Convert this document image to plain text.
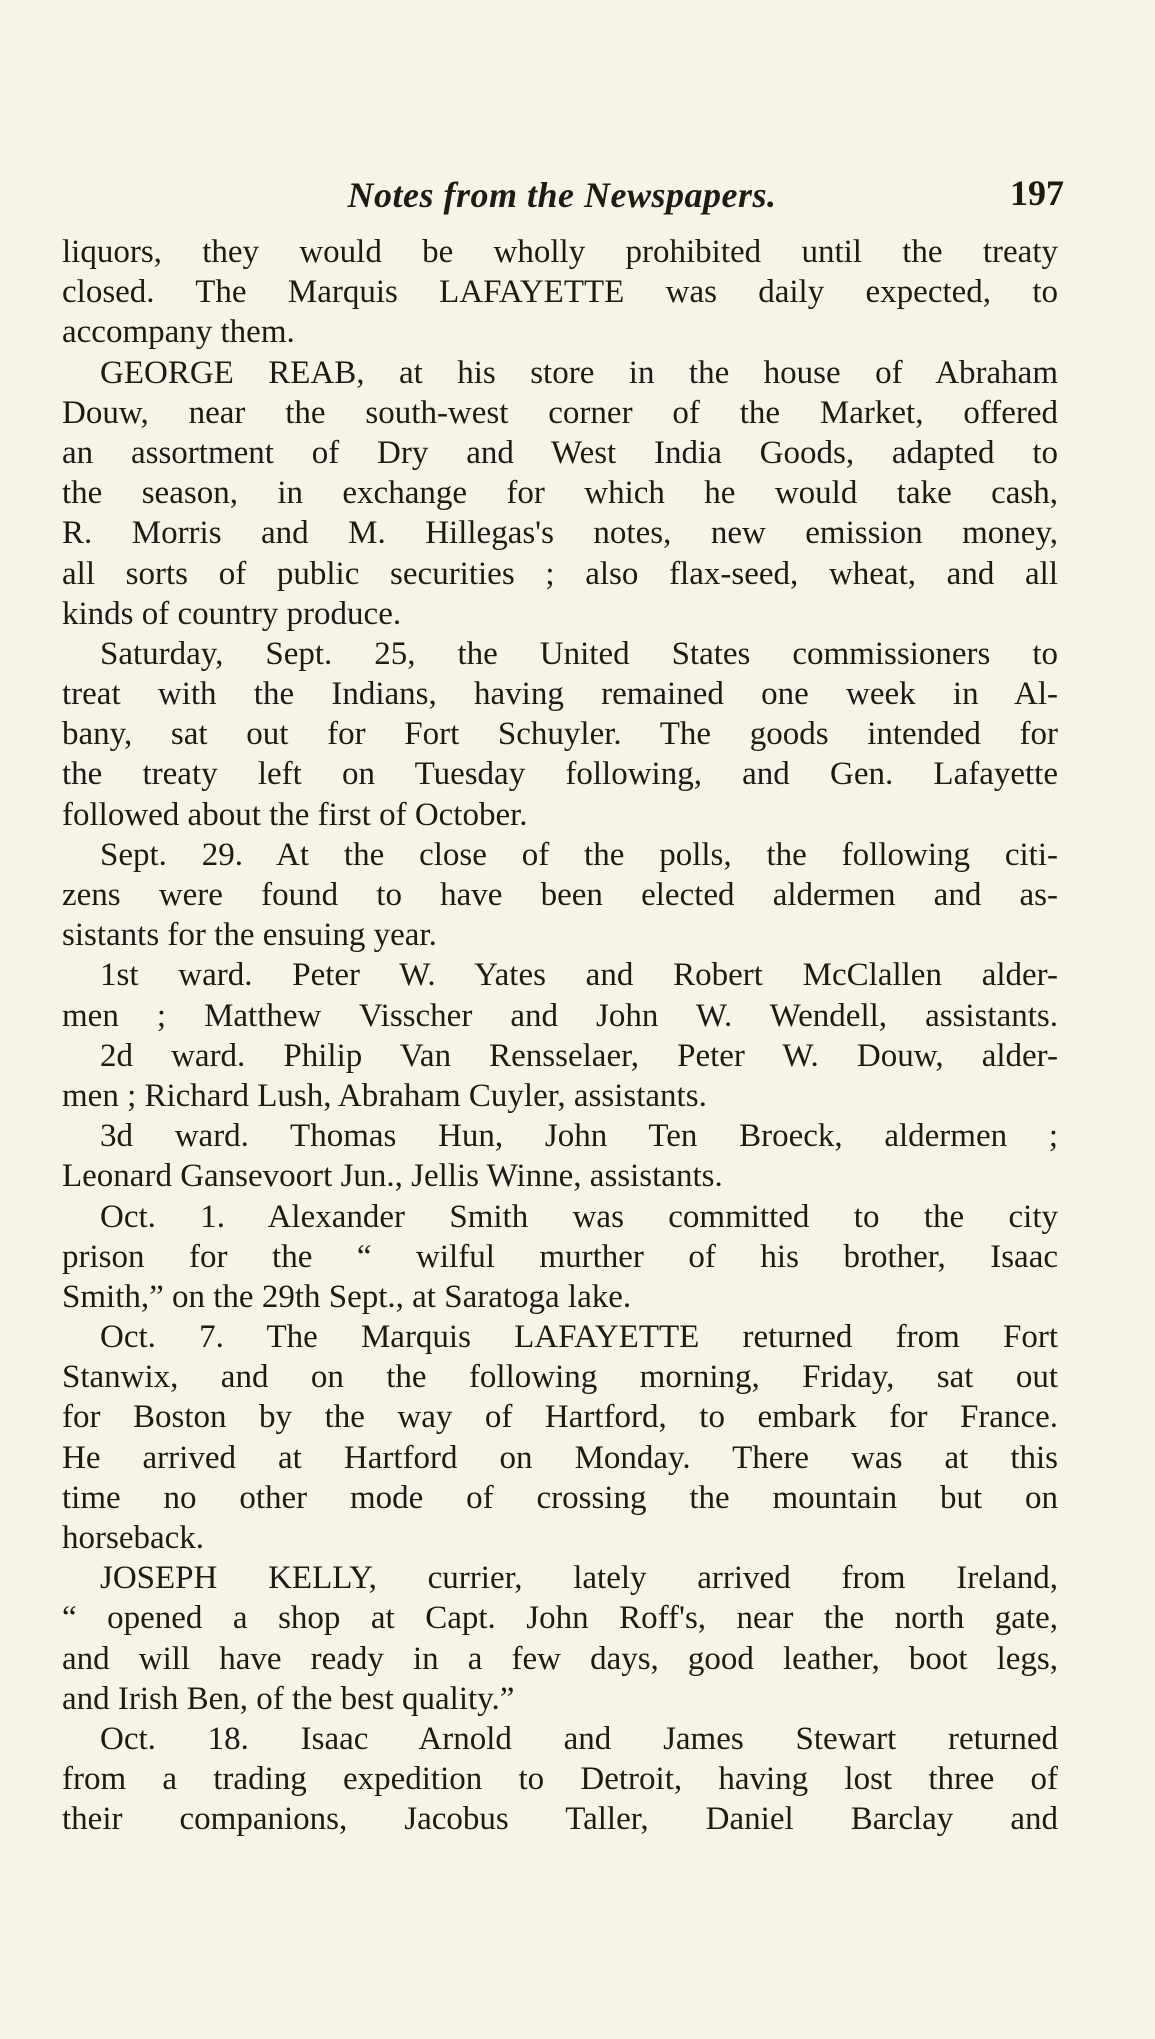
Notes from the Newspapers.	197
liquors, they would be wholly prohibited until the treaty
closed. The Marquis LAFAYETTE was daily expected, to
accompany them.
GEORGE REAB, at his store in the house of Abraham
Douw, near the south-west corner of the Market, offered
an assortment of Dry and West India Goods, adapted to
the season, in exchange for which he would take cash,
R. Morris and M. Hillegas's notes, new emission money,
all sorts of public securities ; also flax-seed, wheat, and all
kinds of country produce.
Saturday, Sept. 25, the United States commissioners to
treat with the Indians, having remained one week in Al-
bany, sat out for Fort Schuyler. The goods intended for
the treaty left on Tuesday following, and Gen. Lafayette
followed about the first of October.
Sept. 29. At the close of the polls, the following citi-
zens were found to have been elected aldermen and as-
sistants for the ensuing year.
1st ward. Peter W. Yates and Robert McClallen alder-
men ; Matthew Visscher and John W. Wendell, assistants.
2d ward. Philip Van Rensselaer, Peter W. Douw, alder-
men ; Richard Lush, Abraham Cuyler, assistants.
3d ward. Thomas Hun, John Ten Broeck, aldermen ;
Leonard Gansevoort Jun., Jellis Winne, assistants.
Oct. 1. Alexander Smith was committed to the city
prison for the “ wilful murther of his brother, Isaac
Smith,” on the 29th Sept., at Saratoga lake.
Oct. 7. The Marquis LAFAYETTE returned from Fort
Stanwix, and on the following morning, Friday, sat out
for Boston by the way of Hartford, to embark for France.
He arrived at Hartford on Monday. There was at this
time no other mode of crossing the mountain but on
horseback.
JOSEPH KELLY, currier, lately arrived from Ireland,
“ opened a shop at Capt. John Roff's, near the north gate,
and will have ready in a few days, good leather, boot legs,
and Irish Ben, of the best quality.”
Oct. 18. Isaac Arnold and James Stewart returned
from a trading expedition to Detroit, having lost three of
their companions, Jacobus Taller, Daniel Barclay and
